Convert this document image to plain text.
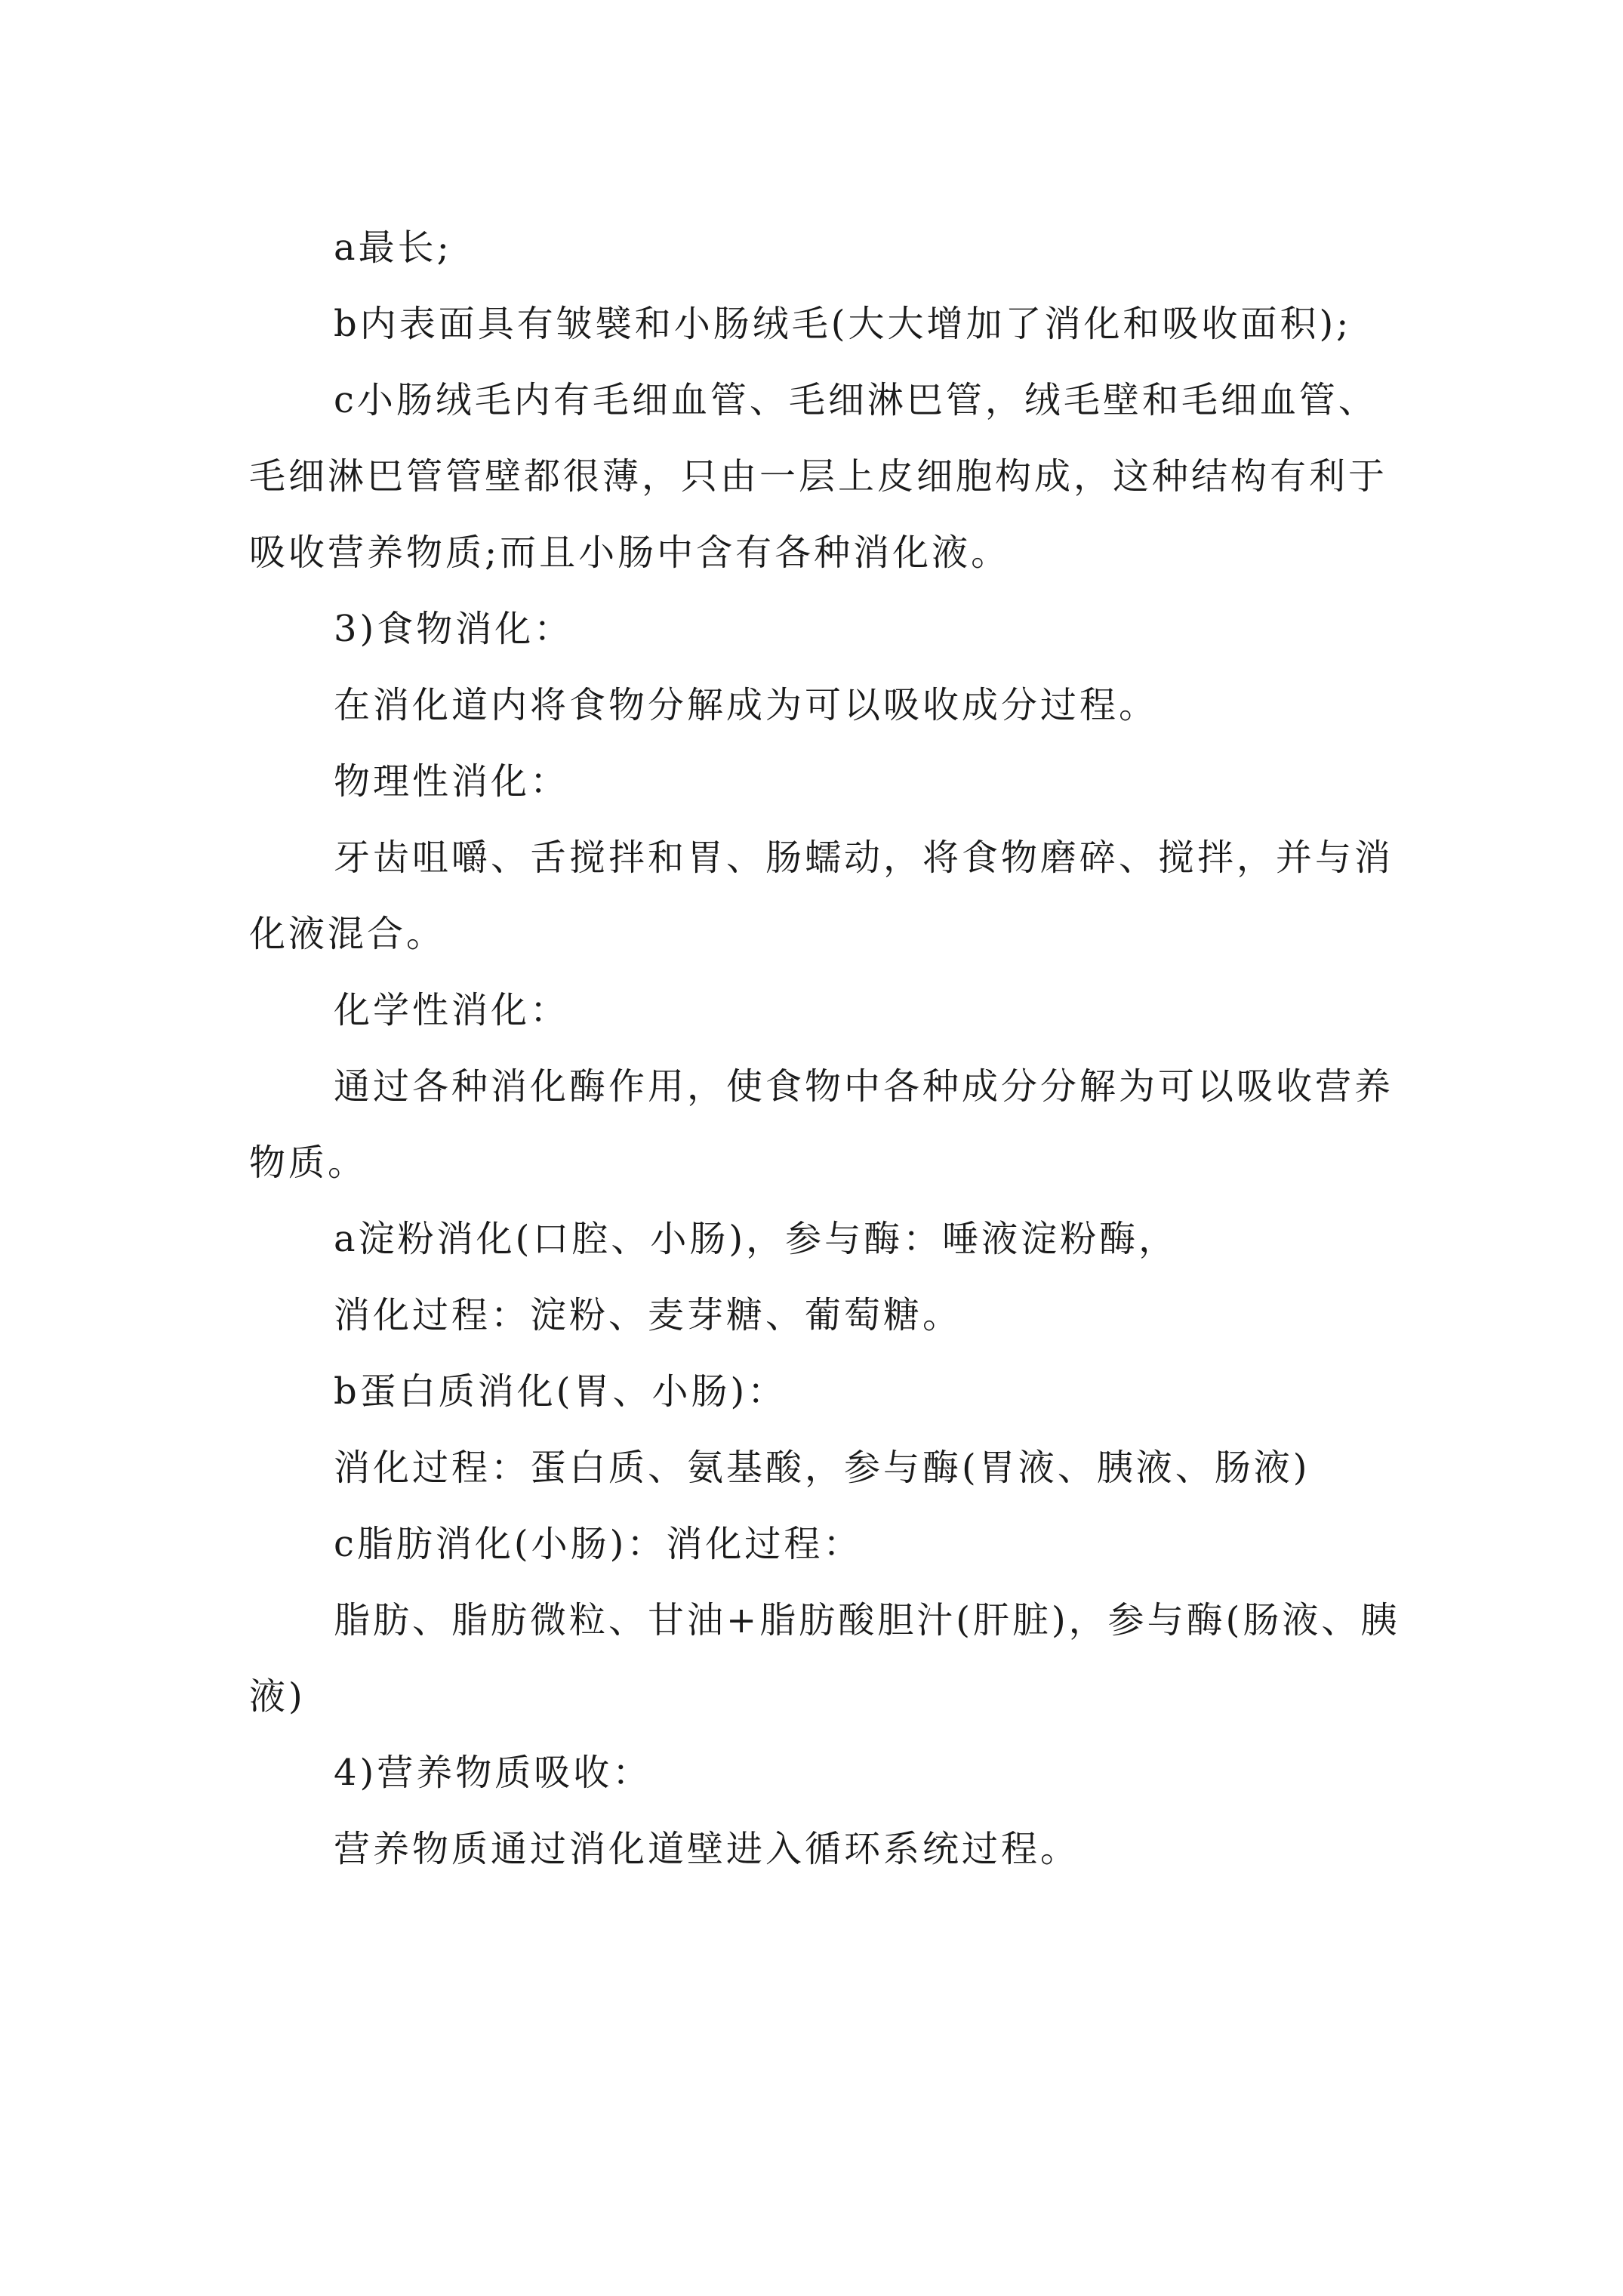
a最长;

b内表面具有皱襞和小肠绒毛(大大增加了消化和吸收面积);

c小肠绒毛内有毛细血管、毛细淋巴管，绒毛壁和毛细血管、毛细淋巴管管壁都很薄，只由一层上皮细胞构成，这种结构有利于吸收营养物质;而且小肠中含有各种消化液。

3)食物消化：

在消化道内将食物分解成为可以吸收成分过程。

物理性消化：

牙齿咀嚼、舌搅拌和胃、肠蠕动，将食物磨碎、搅拌，并与消化液混合。

化学性消化：

通过各种消化酶作用，使食物中各种成分分解为可以吸收营养物质。

a淀粉消化(口腔、小肠)，参与酶：唾液淀粉酶，

消化过程：淀粉、麦芽糖、葡萄糖。

b蛋白质消化(胃、小肠)：

消化过程：蛋白质、氨基酸，参与酶(胃液、胰液、肠液)

c脂肪消化(小肠)：消化过程：

脂肪、脂肪微粒、甘油+脂肪酸胆汁(肝脏)，参与酶(肠液、胰液)

4)营养物质吸收：

营养物质通过消化道壁进入循环系统过程。
